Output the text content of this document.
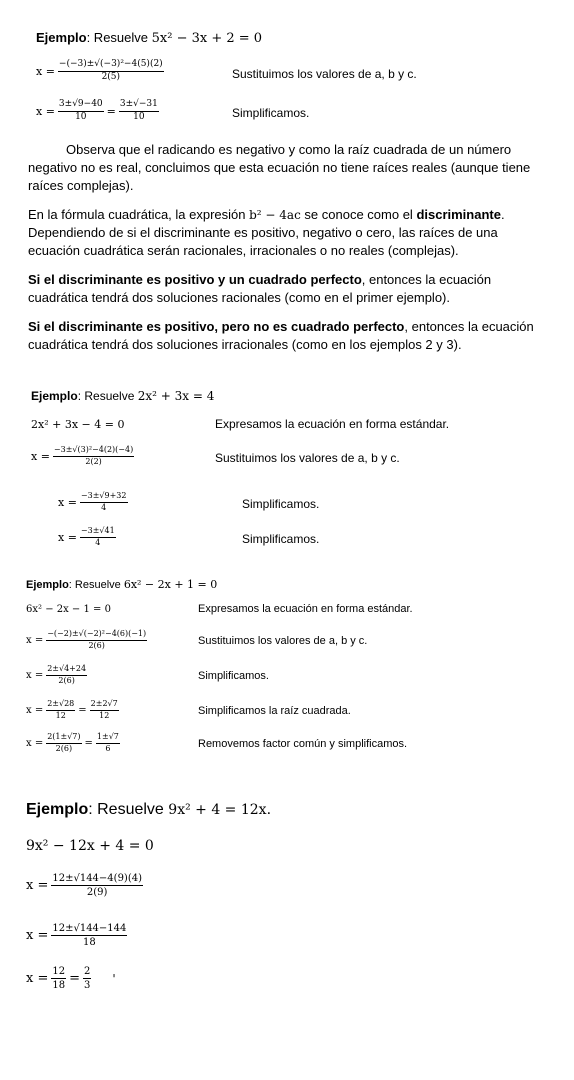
Ejemplo: Resuelve 5x² − 3x + 2 = 0
$x = \frac{\text{−(−3)±√(−3)²−4(5)(2)}}{2(5)}$	Sustituimos los valores de a, b y c.
$x = \frac{3\pm√9-40}{10} = \frac{3\pm√-31}{10}$	Simplificamos.
Observa que el radicando es negativo y como la raíz cuadrada de un número negativo no es real, concluimos que esta ecuación no tiene raíces reales (aunque tiene raíces complejas).
En la fórmula cuadrática, la expresión b² − 4ac se conoce como el discriminante. Dependiendo de si el discriminante es positivo, negativo o cero, las raíces de una ecuación cuadrática serán racionales, irracionales o no reales (complejas).
Si el discriminante es positivo y un cuadrado perfecto, entonces la ecuación cuadrática tendrá dos soluciones racionales (como en el primer ejemplo).
Si el discriminante es positivo, pero no es cuadrado perfecto, entonces la ecuación cuadrática tendrá dos soluciones irracionales (como en los ejemplos 2 y 3).
Ejemplo: Resuelve 2x² + 3x = 4
2x² + 3x − 4 = 0	Expresamos la ecuación en forma estándar.
$x = \frac{\text{−3±√(3)²−4(2)(−4)}}{2(2)}$	Sustituimos los valores de a, b y c.
$x = \frac{-3\pm√9+32}{4}$	Simplificamos.
$x = \frac{-3\pm√41}{4}$	Simplificamos.
Ejemplo: Resuelve 6x² − 2x + 1 = 0
6x² − 2x − 1 = 0	Expresamos la ecuación en forma estándar.
$x = \frac{\text{−(−2)±√(−2)²−4(6)(−1)}}{2(6)}$	Sustituimos los valores de a, b y c.
$x = \frac{2\pm√4+24}{2(6)}$	Simplificamos.
$x = \frac{2\pm√28}{12} = \frac{2\pm 2√7}{12}$	Simplificamos la raíz cuadrada.
$x = \frac{2(1\pm√7)}{2(6)} = \frac{1\pm√7}{6}$	Removemos factor común y simplificamos.
Ejemplo: Resuelve 9x² + 4 = 12x.
9x² − 12x + 4 = 0
$x = \frac{12\pm√144-4(9)(4)}{2(9)}$
$x = \frac{12\pm√144-144}{18}$
$x = \frac{12}{18} = \frac{2}{3}$ '
